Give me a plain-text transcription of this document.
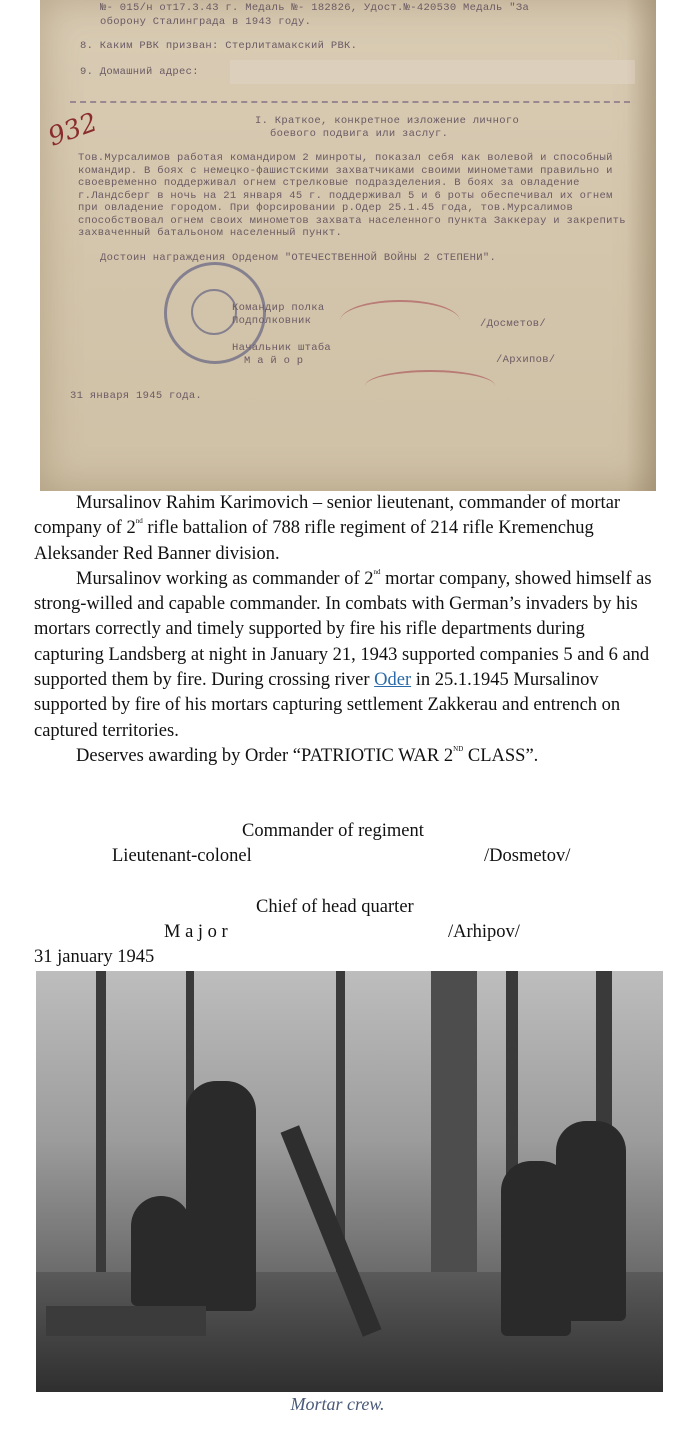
№- 015/н от17.3.43 г. Медаль №- 182826, Удост.№-420530 Медаль "За
оборону Сталинграда в 1943 году.
8. Каким РВК призван: Стерлитамакский РВК.
9. Домашний адрес:
I. Краткое, конкретное изложение личного
боевого подвига или заслуг.
932
Тов.Мурсалимов работая командиром 2 минроты, показал себя как волевой и способный командир. В боях с немецко-фашистскими захватчиками своими минометами правильно и своевременно поддерживал огнем стрелковые подразделения. В боях за овладение г.Ландсберг в ночь на 21 января 45 г. поддерживал 5 и 6 роты обеспечивал их огнем при овладение городом. При форсировании р.Одер 25.1.45 года, тов.Мурсалимов способствовал огнем своих минометов захвата населенного пункта Заккерау и закрепить захваченный батальоном населенный пункт.
Достоин награждения Орденом "ОТЕЧЕСТВЕННОЙ ВОЙНЫ 2 СТЕПЕНИ".
Командир полка
Подполковник	/Досметов/
Начальник штаба
М а й о р	/Архипов/
31 января 1945 года.

Mursalinov Rahim Karimovich – senior lieutenant, commander of mortar company of 2nd rifle battalion of 788 rifle regiment of 214 rifle Kremenchug Aleksander Red Banner division.

Mursalinov working as commander of 2nd mortar company, showed himself as strong-willed and capable commander. In combats with German’s invaders by his mortars correctly and timely supported by fire his rifle departments during capturing Landsberg at night in January 21, 1943 supported companies 5 and 6 and supported them by fire. During crossing river Oder in 25.1.1945 Mursalinov supported by fire of his mortars capturing settlement Zakkerau and entrench on captured territories.

Deserves awarding by Order “PATRIOTIC WAR 2ND CLASS”.

Commander of regiment
Lieutenant-colonel	/Dosmetov/
Chief of head quarter
M a j o r	/Arhipov/
31 january 1945
Mortar crew.
